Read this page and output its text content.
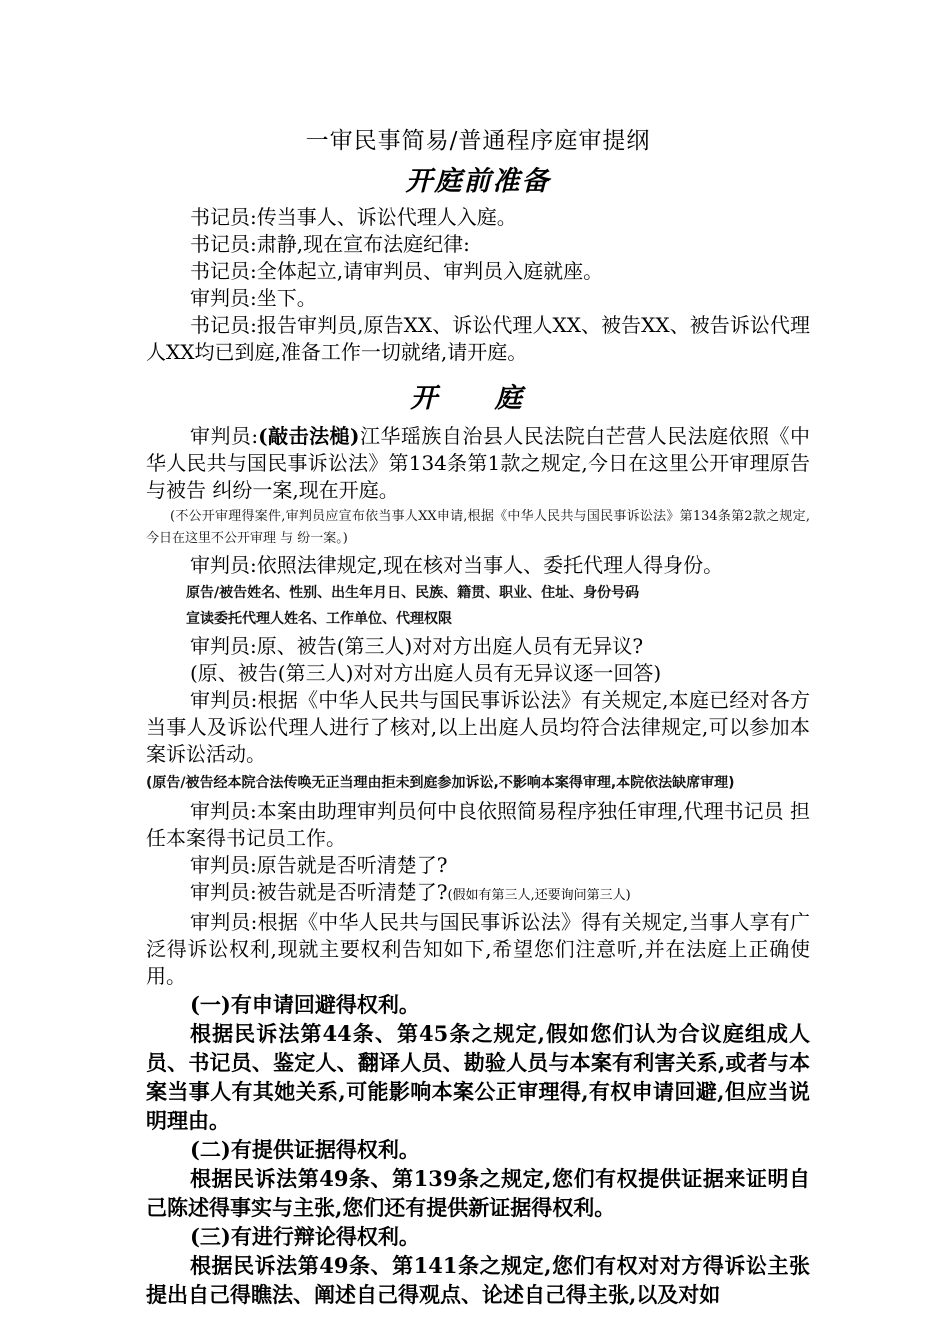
一审民事简易/普通程序庭审提纲
开庭前准备

书记员:传当事人、诉讼代理人入庭。

书记员:肃静,现在宣布法庭纪律:

书记员:全体起立,请审判员、审判员入庭就座。

审判员:坐下。

书记员:报告审判员,原告XX、诉讼代理人XX、被告XX、被告诉讼代理人XX均已到庭,准备工作一切就绪,请开庭。

开 庭

审判员:(敲击法槌)江华瑶族自治县人民法院白芒营人民法庭依照《中华人民共与国民事诉讼法》第134条第1款之规定,今日在这里公开审理原告 与被告 纠纷一案,现在开庭。

(不公开审理得案件,审判员应宣布依当事人XX申请,根据《中华人民共与国民事诉讼法》第134条第2款之规定,今日在这里不公开审理 与 纷一案。)

审判员:依照法律规定,现在核对当事人、委托代理人得身份。

原告/被告姓名、性别、出生年月日、民族、籍贯、职业、住址、身份号码

宣读委托代理人姓名、工作单位、代理权限

审判员:原、被告(第三人)对对方出庭人员有无异议?

(原、被告(第三人)对对方出庭人员有无异议逐一回答)

审判员:根据《中华人民共与国民事诉讼法》有关规定,本庭已经对各方当事人及诉讼代理人进行了核对,以上出庭人员均符合法律规定,可以参加本案诉讼活动。

(原告/被告经本院合法传唤无正当理由拒未到庭参加诉讼,不影响本案得审理,本院依法缺席审理)

审判员:本案由助理审判员何中良依照简易程序独任审理,代理书记员 担任本案得书记员工作。

审判员:原告就是否听清楚了?

审判员:被告就是否听清楚了?(假如有第三人,还要询问第三人)

审判员:根据《中华人民共与国民事诉讼法》得有关规定,当事人享有广泛得诉讼权利,现就主要权利告知如下,希望您们注意听,并在法庭上正确使用。

(一)有申请回避得权利。

根据民诉法第44条、第45条之规定,假如您们认为合议庭组成人员、书记员、鉴定人、翻译人员、勘验人员与本案有利害关系,或者与本案当事人有其她关系,可能影响本案公正审理得,有权申请回避,但应当说明理由。

(二)有提供证据得权利。

根据民诉法第49条、第139条之规定,您们有权提供证据来证明自己陈述得事实与主张,您们还有提供新证据得权利。

(三)有进行辩论得权利。

根据民诉法第49条、第141条之规定,您们有权对对方得诉讼主张提出自己得瞧法、阐述自己得观点、论述自己得主张,以及对如
